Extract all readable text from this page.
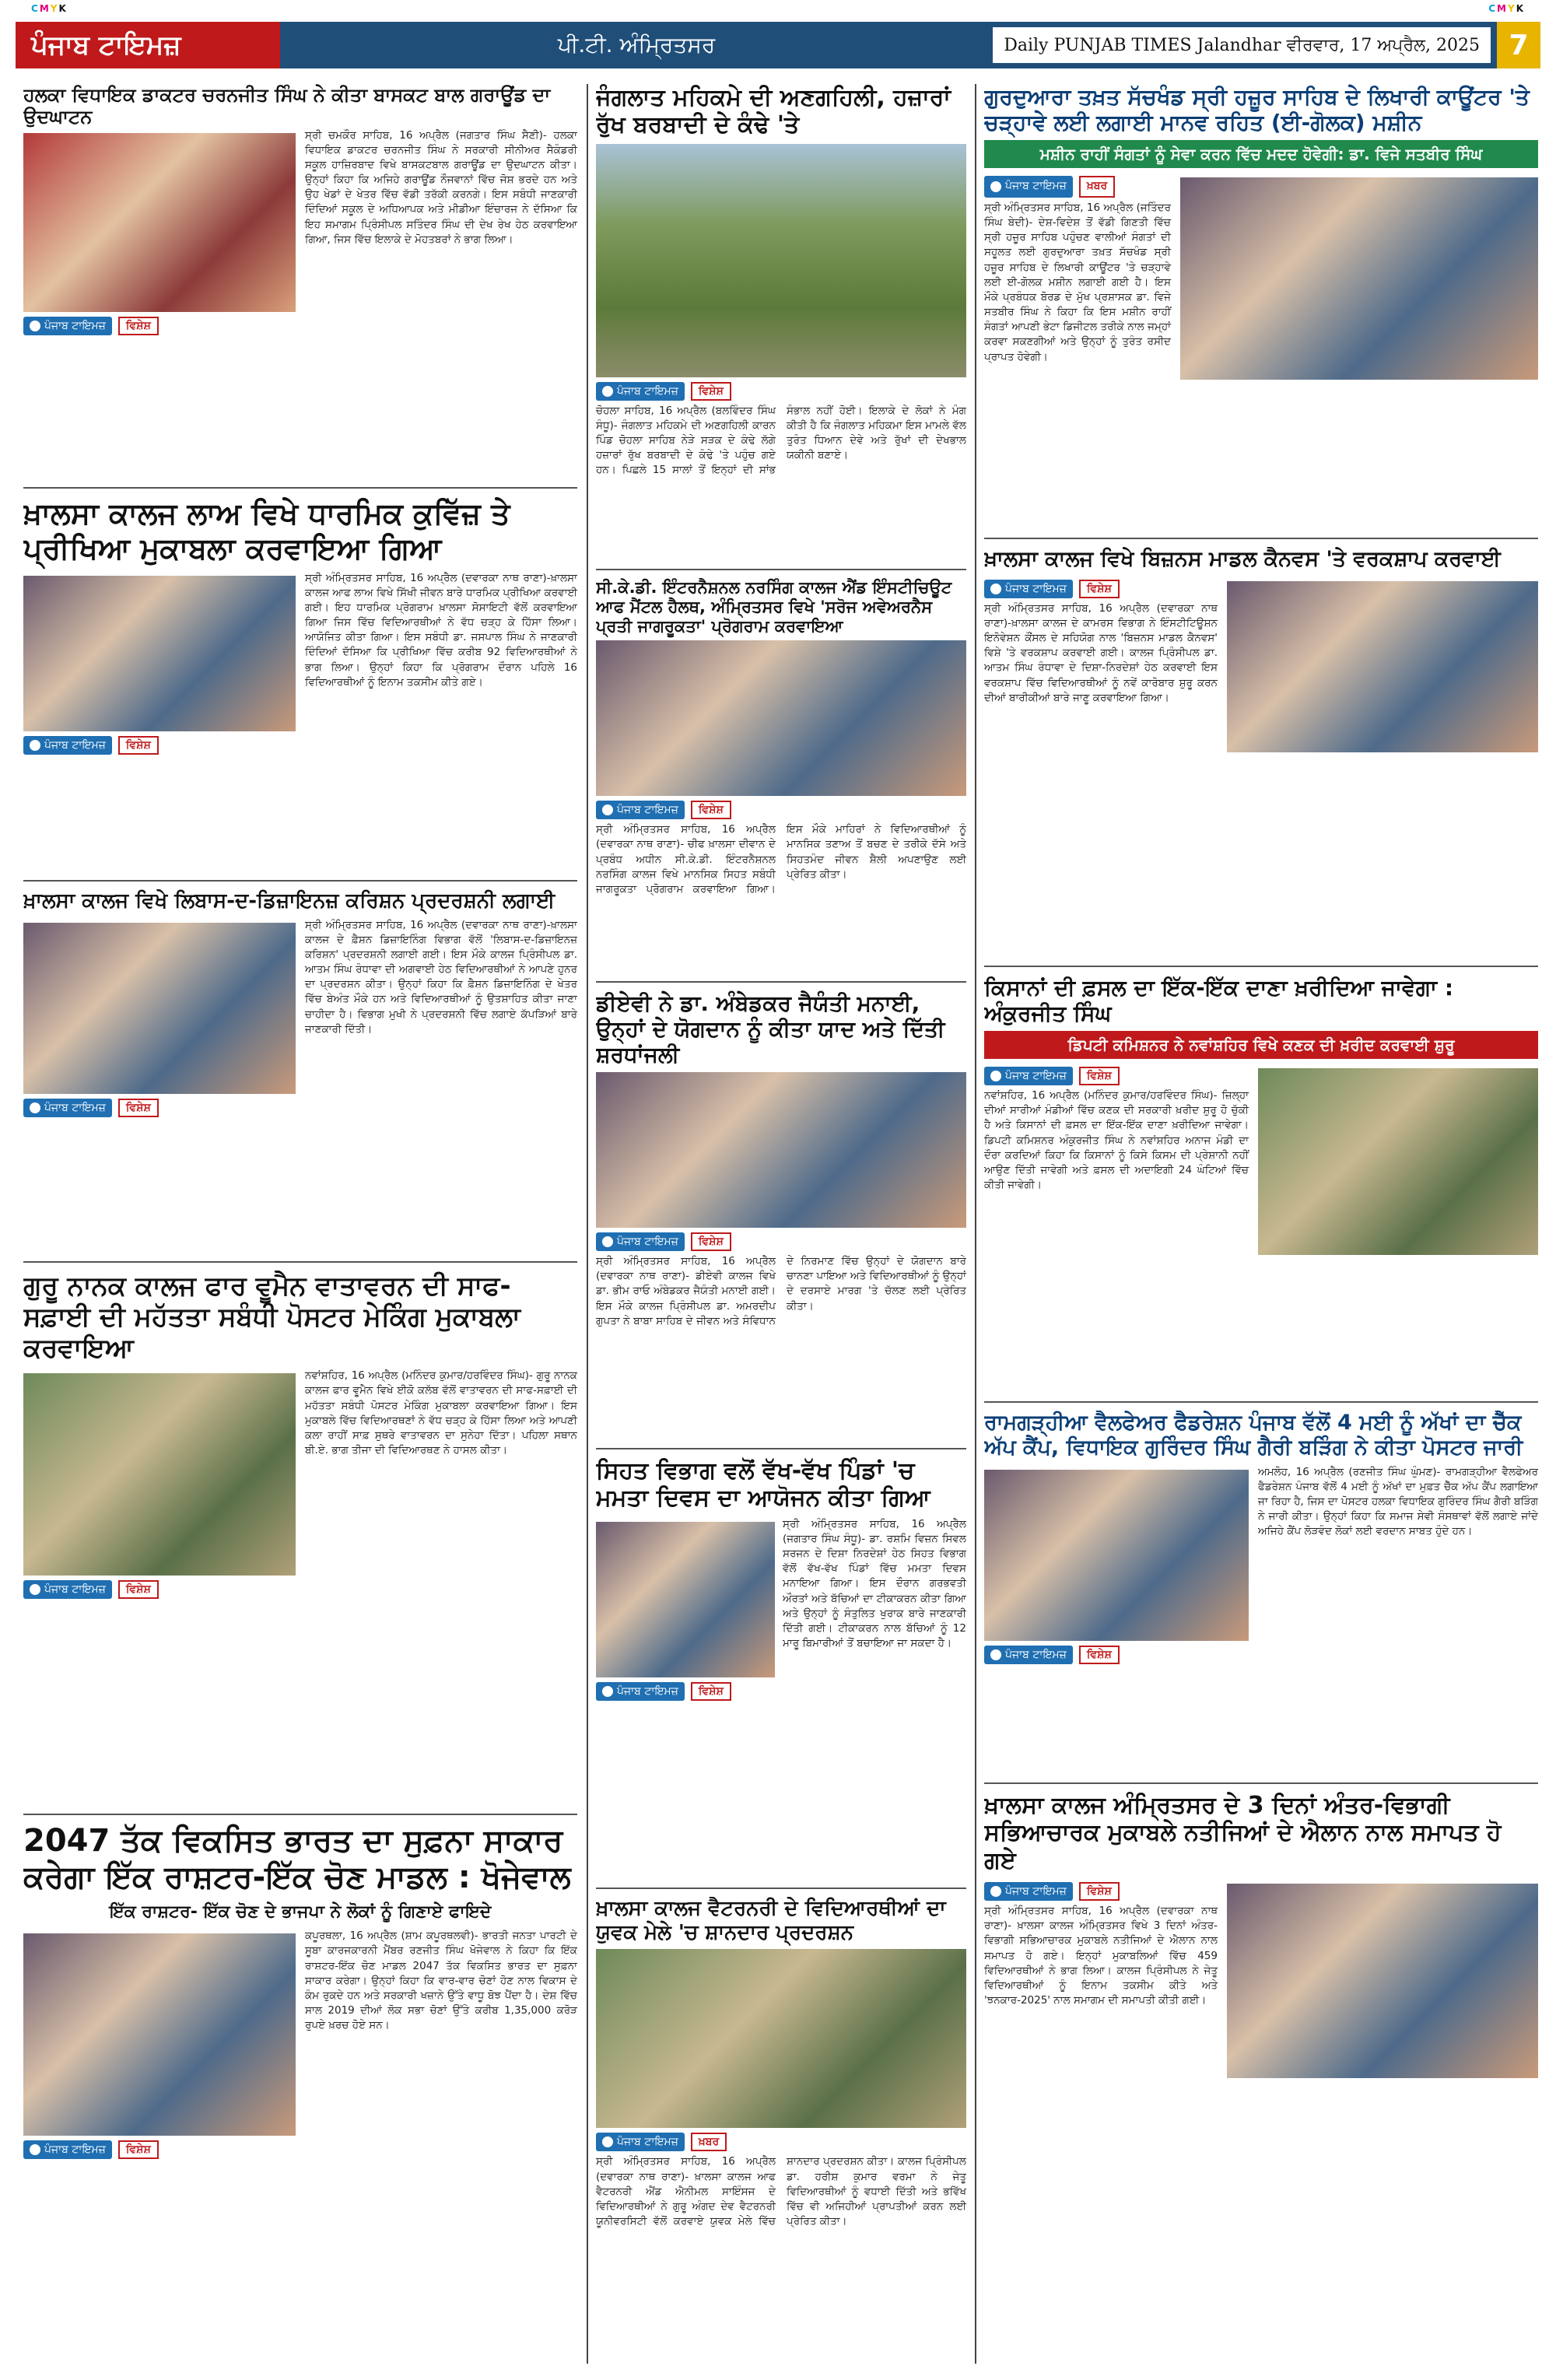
CMYK	CMYK
ਪੰਜਾਬ ਟਾਇਮਜ਼	ਪੀ.ਟੀ. ਅੰਮ੍ਰਿਤਸਰ	Daily PUNJAB TIMES Jalandhar ਵੀਰਵਾਰ, 17 ਅਪ੍ਰੈਲ, 2025	7
ਹਲਕਾ ਵਿਧਾਇਕ ਡਾਕਟਰ ਚਰਨਜੀਤ ਸਿੰਘ ਨੇ ਕੀਤਾ ਬਾਸਕਟ ਬਾਲ ਗਰਾਊਂਡ ਦਾ ਉਦਘਾਟਨ
ਪੰਜਾਬ ਟਾਇਮਜ਼	ਵਿਸ਼ੇਸ਼
ਸ੍ਰੀ ਚਮਕੌਰ ਸਾਹਿਬ, 16 ਅਪ੍ਰੈਲ (ਜਗਤਾਰ ਸਿੰਘ ਸੈਣੀ)- ਹਲਕਾ ਵਿਧਾਇਕ ਡਾਕਟਰ ਚਰਨਜੀਤ ਸਿੰਘ ਨੇ ਸਰਕਾਰੀ ਸੀਨੀਅਰ ਸੈਕੰਡਰੀ ਸਕੂਲ ਹਾਜ਼ਿਰਬਾਦ ਵਿਖੇ ਬਾਸਕਟਬਾਲ ਗਰਾਊਂਡ ਦਾ ਉਦਘਾਟਨ ਕੀਤਾ। ਉਨ੍ਹਾਂ ਕਿਹਾ ਕਿ ਅਜਿਹੇ ਗਰਾਊਂਡ ਨੌਜਵਾਨਾਂ ਵਿੱਚ ਜੋਸ਼ ਭਰਦੇ ਹਨ ਅਤੇ ਉਹ ਖੇਡਾਂ ਦੇ ਖੇਤਰ ਵਿੱਚ ਵੱਡੀ ਤਰੱਕੀ ਕਰਨਗੇ। ਇਸ ਸਬੰਧੀ ਜਾਣਕਾਰੀ ਦਿੰਦਿਆਂ ਸਕੂਲ ਦੇ ਅਧਿਆਪਕ ਅਤੇ ਮੀਡੀਆ ਇੰਚਾਰਜ ਨੇ ਦੱਸਿਆ ਕਿ ਇਹ ਸਮਾਗਮ ਪ੍ਰਿੰਸੀਪਲ ਸਤਿੰਦਰ ਸਿੰਘ ਦੀ ਦੇਖ ਰੇਖ ਹੇਠ ਕਰਵਾਇਆ ਗਿਆ, ਜਿਸ ਵਿੱਚ ਇਲਾਕੇ ਦੇ ਮੋਹਤਬਰਾਂ ਨੇ ਭਾਗ ਲਿਆ।
ਖ਼ਾਲਸਾ ਕਾਲਜ ਲਾਅ ਵਿਖੇ ਧਾਰਮਿਕ ਕੁਵਿੱਜ਼ ਤੇ ਪ੍ਰੀਖਿਆ ਮੁਕਾਬਲਾ ਕਰਵਾਇਆ ਗਿਆ
ਪੰਜਾਬ ਟਾਇਮਜ਼	ਵਿਸ਼ੇਸ਼
ਸ੍ਰੀ ਅੰਮ੍ਰਿਤਸਰ ਸਾਹਿਬ, 16 ਅਪ੍ਰੈਲ (ਦਵਾਰਕਾ ਨਾਥ ਰਾਣਾ)-ਖ਼ਾਲਸਾ ਕਾਲਜ ਆਫ ਲਾਅ ਵਿਖੇ ਸਿੱਖੀ ਜੀਵਨ ਬਾਰੇ ਧਾਰਮਿਕ ਪ੍ਰੀਖਿਆ ਕਰਵਾਈ ਗਈ। ਇਹ ਧਾਰਮਿਕ ਪ੍ਰੋਗਰਾਮ ਖ਼ਾਲਸਾ ਸੋਸਾਇਟੀ ਵੱਲੋਂ ਕਰਵਾਇਆ ਗਿਆ ਜਿਸ ਵਿੱਚ ਵਿਦਿਆਰਥੀਆਂ ਨੇ ਵੱਧ ਚੜ੍ਹ ਕੇ ਹਿੱਸਾ ਲਿਆ। ਆਯੋਜਿਤ ਕੀਤਾ ਗਿਆ। ਇਸ ਸਬੰਧੀ ਡਾ. ਜਸਪਾਲ ਸਿੰਘ ਨੇ ਜਾਣਕਾਰੀ ਦਿੰਦਿਆਂ ਦੱਸਿਆ ਕਿ ਪ੍ਰੀਖਿਆ ਵਿੱਚ ਕਰੀਬ 92 ਵਿਦਿਆਰਥੀਆਂ ਨੇ ਭਾਗ ਲਿਆ। ਉਨ੍ਹਾਂ ਕਿਹਾ ਕਿ ਪ੍ਰੋਗਰਾਮ ਦੌਰਾਨ ਪਹਿਲੇ 16 ਵਿਦਿਆਰਥੀਆਂ ਨੂੰ ਇਨਾਮ ਤਕਸੀਮ ਕੀਤੇ ਗਏ।
ਖ਼ਾਲਸਾ ਕਾਲਜ ਵਿਖੇ ਲਿਬਾਸ-ਦ-ਡਿਜ਼ਾਇਨਜ਼ ਕਰਿਸ਼ਨ ਪ੍ਰਦਰਸ਼ਨੀ ਲਗਾਈ
ਪੰਜਾਬ ਟਾਇਮਜ਼	ਵਿਸ਼ੇਸ਼
ਸ੍ਰੀ ਅੰਮ੍ਰਿਤਸਰ ਸਾਹਿਬ, 16 ਅਪ੍ਰੈਲ (ਦਵਾਰਕਾ ਨਾਥ ਰਾਣਾ)-ਖ਼ਾਲਸਾ ਕਾਲਜ ਦੇ ਫ਼ੈਸ਼ਨ ਡਿਜ਼ਾਇਨਿੰਗ ਵਿਭਾਗ ਵੱਲੋਂ 'ਲਿਬਾਸ-ਦ-ਡਿਜ਼ਾਇਨਜ਼ ਕਰਿਸ਼ਨ' ਪ੍ਰਦਰਸ਼ਨੀ ਲਗਾਈ ਗਈ। ਇਸ ਮੌਕੇ ਕਾਲਜ ਪ੍ਰਿੰਸੀਪਲ ਡਾ. ਆਤਮ ਸਿੰਘ ਰੰਧਾਵਾ ਦੀ ਅਗਵਾਈ ਹੇਠ ਵਿਦਿਆਰਥੀਆਂ ਨੇ ਆਪਣੇ ਹੁਨਰ ਦਾ ਪ੍ਰਦਰਸ਼ਨ ਕੀਤਾ। ਉਨ੍ਹਾਂ ਕਿਹਾ ਕਿ ਫ਼ੈਸ਼ਨ ਡਿਜ਼ਾਇਨਿੰਗ ਦੇ ਖੇਤਰ ਵਿੱਚ ਬੇਅੰਤ ਮੌਕੇ ਹਨ ਅਤੇ ਵਿਦਿਆਰਥੀਆਂ ਨੂੰ ਉਤਸ਼ਾਹਿਤ ਕੀਤਾ ਜਾਣਾ ਚਾਹੀਦਾ ਹੈ। ਵਿਭਾਗ ਮੁਖੀ ਨੇ ਪ੍ਰਦਰਸ਼ਨੀ ਵਿੱਚ ਲਗਾਏ ਕੱਪੜਿਆਂ ਬਾਰੇ ਜਾਣਕਾਰੀ ਦਿੱਤੀ।
ਗੁਰੂ ਨਾਨਕ ਕਾਲਜ ਫਾਰ ਵੂਮੈਨ ਵਾਤਾਵਰਨ ਦੀ ਸਾਫ-ਸਫ਼ਾਈ ਦੀ ਮਹੱਤਤਾ ਸਬੰਧੀ ਪੋਸਟਰ ਮੇਕਿੰਗ ਮੁਕਾਬਲਾ ਕਰਵਾਇਆ
ਪੰਜਾਬ ਟਾਇਮਜ਼	ਵਿਸ਼ੇਸ਼
ਨਵਾਂਸ਼ਹਿਰ, 16 ਅਪ੍ਰੈਲ (ਮਨਿੰਦਰ ਕੁਮਾਰ/ਹਰਵਿੰਦਰ ਸਿੰਘ)- ਗੁਰੂ ਨਾਨਕ ਕਾਲਜ ਫਾਰ ਵੂਮੈਨ ਵਿਖੇ ਈਕੋ ਕਲੱਬ ਵੱਲੋਂ ਵਾਤਾਵਰਨ ਦੀ ਸਾਫ-ਸਫ਼ਾਈ ਦੀ ਮਹੱਤਤਾ ਸਬੰਧੀ ਪੋਸਟਰ ਮੇਕਿੰਗ ਮੁਕਾਬਲਾ ਕਰਵਾਇਆ ਗਿਆ। ਇਸ ਮੁਕਾਬਲੇ ਵਿੱਚ ਵਿਦਿਆਰਥਣਾਂ ਨੇ ਵੱਧ ਚੜ੍ਹ ਕੇ ਹਿੱਸਾ ਲਿਆ ਅਤੇ ਆਪਣੀ ਕਲਾ ਰਾਹੀਂ ਸਾਫ਼ ਸੁਥਰੇ ਵਾਤਾਵਰਨ ਦਾ ਸੁਨੇਹਾ ਦਿੱਤਾ। ਪਹਿਲਾ ਸਥਾਨ ਬੀ.ਏ. ਭਾਗ ਤੀਜਾ ਦੀ ਵਿਦਿਆਰਥਣ ਨੇ ਹਾਸਲ ਕੀਤਾ।
2047 ਤੱਕ ਵਿਕਸਿਤ ਭਾਰਤ ਦਾ ਸੁਫ਼ਨਾ ਸਾਕਾਰ ਕਰੇਗਾ ਇੱਕ ਰਾਸ਼ਟਰ-ਇੱਕ ਚੋਣ ਮਾਡਲ : ਖੋਜੇਵਾਲ
ਇੱਕ ਰਾਸ਼ਟਰ- ਇੱਕ ਚੋਣ ਦੇ ਭਾਜਪਾ ਨੇ ਲੋਕਾਂ ਨੂੰ ਗਿਣਾਏ ਫਾਇਦੇ
ਪੰਜਾਬ ਟਾਇਮਜ਼	ਵਿਸ਼ੇਸ਼
ਕਪੂਰਥਲਾ, 16 ਅਪ੍ਰੈਲ (ਸ਼ਾਮ ਕਪੂਰਥਲਵੀ)- ਭਾਰਤੀ ਜਨਤਾ ਪਾਰਟੀ ਦੇ ਸੂਬਾ ਕਾਰਜਕਾਰਨੀ ਮੈਂਬਰ ਰਣਜੀਤ ਸਿੰਘ ਖੋਜੇਵਾਲ ਨੇ ਕਿਹਾ ਕਿ ਇੱਕ ਰਾਸ਼ਟਰ-ਇੱਕ ਚੋਣ ਮਾਡਲ 2047 ਤੱਕ ਵਿਕਸਿਤ ਭਾਰਤ ਦਾ ਸੁਫ਼ਨਾ ਸਾਕਾਰ ਕਰੇਗਾ। ਉਨ੍ਹਾਂ ਕਿਹਾ ਕਿ ਵਾਰ-ਵਾਰ ਚੋਣਾਂ ਹੋਣ ਨਾਲ ਵਿਕਾਸ ਦੇ ਕੰਮ ਰੁਕਦੇ ਹਨ ਅਤੇ ਸਰਕਾਰੀ ਖਜ਼ਾਨੇ ਉੱਤੇ ਵਾਧੂ ਬੋਝ ਪੈਂਦਾ ਹੈ। ਦੇਸ਼ ਵਿੱਚ ਸਾਲ 2019 ਦੀਆਂ ਲੋਕ ਸਭਾ ਚੋਣਾਂ ਉੱਤੇ ਕਰੀਬ 1,35,000 ਕਰੋੜ ਰੁਪਏ ਖ਼ਰਚ ਹੋਏ ਸਨ।
ਜੰਗਲਾਤ ਮਹਿਕਮੇ ਦੀ ਅਣਗਹਿਲੀ, ਹਜ਼ਾਰਾਂ ਰੁੱਖ ਬਰਬਾਦੀ ਦੇ ਕੰਢੇ 'ਤੇ
ਪੰਜਾਬ ਟਾਇਮਜ਼	ਵਿਸ਼ੇਸ਼
ਚੋਹਲਾ ਸਾਹਿਬ, 16 ਅਪ੍ਰੈਲ (ਬਲਵਿੰਦਰ ਸਿੰਘ ਸੰਧੂ)- ਜੰਗਲਾਤ ਮਹਿਕਮੇ ਦੀ ਅਣਗਹਿਲੀ ਕਾਰਨ ਪਿੰਡ ਚੋਹਲਾ ਸਾਹਿਬ ਨੇੜੇ ਸੜਕ ਦੇ ਕੰਢੇ ਲੱਗੇ ਹਜ਼ਾਰਾਂ ਰੁੱਖ ਬਰਬਾਦੀ ਦੇ ਕੰਢੇ 'ਤੇ ਪਹੁੰਚ ਗਏ ਹਨ। ਪਿਛਲੇ 15 ਸਾਲਾਂ ਤੋਂ ਇਨ੍ਹਾਂ ਦੀ ਸਾਂਭ ਸੰਭਾਲ ਨਹੀਂ ਹੋਈ। ਇਲਾਕੇ ਦੇ ਲੋਕਾਂ ਨੇ ਮੰਗ ਕੀਤੀ ਹੈ ਕਿ ਜੰਗਲਾਤ ਮਹਿਕਮਾ ਇਸ ਮਾਮਲੇ ਵੱਲ ਤੁਰੰਤ ਧਿਆਨ ਦੇਵੇ ਅਤੇ ਰੁੱਖਾਂ ਦੀ ਦੇਖਭਾਲ ਯਕੀਨੀ ਬਣਾਏ।
ਸੀ.ਕੇ.ਡੀ. ਇੰਟਰਨੈਸ਼ਨਲ ਨਰਸਿੰਗ ਕਾਲਜ ਐਂਡ ਇੰਸਟੀਚਿਊਟ ਆਫ ਮੈਂਟਲ ਹੈਲਥ, ਅੰਮ੍ਰਿਤਸਰ ਵਿਖੇ 'ਸਰੋਜ ਅਵੇਅਰਨੈਸ ਪ੍ਰਤੀ ਜਾਗਰੂਕਤਾ' ਪ੍ਰੋਗਰਾਮ ਕਰਵਾਇਆ
ਪੰਜਾਬ ਟਾਇਮਜ਼	ਵਿਸ਼ੇਸ਼
ਸ੍ਰੀ ਅੰਮ੍ਰਿਤਸਰ ਸਾਹਿਬ, 16 ਅਪ੍ਰੈਲ (ਦਵਾਰਕਾ ਨਾਥ ਰਾਣਾ)- ਚੀਫ ਖ਼ਾਲਸਾ ਦੀਵਾਨ ਦੇ ਪ੍ਰਬੰਧ ਅਧੀਨ ਸੀ.ਕੇ.ਡੀ. ਇੰਟਰਨੈਸ਼ਨਲ ਨਰਸਿੰਗ ਕਾਲਜ ਵਿਖੇ ਮਾਨਸਿਕ ਸਿਹਤ ਸਬੰਧੀ ਜਾਗਰੂਕਤਾ ਪ੍ਰੋਗਰਾਮ ਕਰਵਾਇਆ ਗਿਆ। ਇਸ ਮੌਕੇ ਮਾਹਿਰਾਂ ਨੇ ਵਿਦਿਆਰਥੀਆਂ ਨੂੰ ਮਾਨਸਿਕ ਤਣਾਅ ਤੋਂ ਬਚਣ ਦੇ ਤਰੀਕੇ ਦੱਸੇ ਅਤੇ ਸਿਹਤਮੰਦ ਜੀਵਨ ਸ਼ੈਲੀ ਅਪਣਾਉਣ ਲਈ ਪ੍ਰੇਰਿਤ ਕੀਤਾ।
ਡੀਏਵੀ ਨੇ ਡਾ. ਅੰਬੇਡਕਰ ਜੈਯੰਤੀ ਮਨਾਈ, ਉਨ੍ਹਾਂ ਦੇ ਯੋਗਦਾਨ ਨੂੰ ਕੀਤਾ ਯਾਦ ਅਤੇ ਦਿੱਤੀ ਸ਼ਰਧਾਂਜਲੀ
ਪੰਜਾਬ ਟਾਇਮਜ਼	ਵਿਸ਼ੇਸ਼
ਸ੍ਰੀ ਅੰਮ੍ਰਿਤਸਰ ਸਾਹਿਬ, 16 ਅਪ੍ਰੈਲ (ਦਵਾਰਕਾ ਨਾਥ ਰਾਣਾ)- ਡੀਏਵੀ ਕਾਲਜ ਵਿਖੇ ਡਾ. ਭੀਮ ਰਾਓ ਅੰਬੇਡਕਰ ਜੈਯੰਤੀ ਮਨਾਈ ਗਈ। ਇਸ ਮੌਕੇ ਕਾਲਜ ਪ੍ਰਿੰਸੀਪਲ ਡਾ. ਅਮਰਦੀਪ ਗੁਪਤਾ ਨੇ ਬਾਬਾ ਸਾਹਿਬ ਦੇ ਜੀਵਨ ਅਤੇ ਸੰਵਿਧਾਨ ਦੇ ਨਿਰਮਾਣ ਵਿੱਚ ਉਨ੍ਹਾਂ ਦੇ ਯੋਗਦਾਨ ਬਾਰੇ ਚਾਨਣਾ ਪਾਇਆ ਅਤੇ ਵਿਦਿਆਰਥੀਆਂ ਨੂੰ ਉਨ੍ਹਾਂ ਦੇ ਦਰਸਾਏ ਮਾਰਗ 'ਤੇ ਚੱਲਣ ਲਈ ਪ੍ਰੇਰਿਤ ਕੀਤਾ।
ਸਿਹਤ ਵਿਭਾਗ ਵਲੋਂ ਵੱਖ-ਵੱਖ ਪਿੰਡਾਂ 'ਚ ਮਮਤਾ ਦਿਵਸ ਦਾ ਆਯੋਜਨ ਕੀਤਾ ਗਿਆ
ਪੰਜਾਬ ਟਾਇਮਜ਼	ਵਿਸ਼ੇਸ਼
ਸ੍ਰੀ ਅੰਮ੍ਰਿਤਸਰ ਸਾਹਿਬ, 16 ਅਪ੍ਰੈਲ (ਜਗਤਾਰ ਸਿੰਘ ਸੰਧੂ)- ਡਾ. ਰਸ਼ਮਿ ਵਿਜ਼ਨ ਸਿਵਲ ਸਰਜਨ ਦੇ ਦਿਸ਼ਾ ਨਿਰਦੇਸ਼ਾਂ ਹੇਠ ਸਿਹਤ ਵਿਭਾਗ ਵੱਲੋਂ ਵੱਖ-ਵੱਖ ਪਿੰਡਾਂ ਵਿੱਚ ਮਮਤਾ ਦਿਵਸ ਮਨਾਇਆ ਗਿਆ। ਇਸ ਦੌਰਾਨ ਗਰਭਵਤੀ ਔਰਤਾਂ ਅਤੇ ਬੱਚਿਆਂ ਦਾ ਟੀਕਾਕਰਨ ਕੀਤਾ ਗਿਆ ਅਤੇ ਉਨ੍ਹਾਂ ਨੂੰ ਸੰਤੁਲਿਤ ਖੁਰਾਕ ਬਾਰੇ ਜਾਣਕਾਰੀ ਦਿੱਤੀ ਗਈ। ਟੀਕਾਕਰਨ ਨਾਲ ਬੱਚਿਆਂ ਨੂੰ 12 ਮਾਰੂ ਬਿਮਾਰੀਆਂ ਤੋਂ ਬਚਾਇਆ ਜਾ ਸਕਦਾ ਹੈ।
ਖ਼ਾਲਸਾ ਕਾਲਜ ਵੈਟਰਨਰੀ ਦੇ ਵਿਦਿਆਰਥੀਆਂ ਦਾ ਯੁਵਕ ਮੇਲੇ 'ਚ ਸ਼ਾਨਦਾਰ ਪ੍ਰਦਰਸ਼ਨ
ਪੰਜਾਬ ਟਾਇਮਜ਼	ਖ਼ਬਰ
ਸ੍ਰੀ ਅੰਮ੍ਰਿਤਸਰ ਸਾਹਿਬ, 16 ਅਪ੍ਰੈਲ (ਦਵਾਰਕਾ ਨਾਥ ਰਾਣਾ)- ਖ਼ਾਲਸਾ ਕਾਲਜ ਆਫ ਵੈਟਰਨਰੀ ਐਂਡ ਐਨੀਮਲ ਸਾਇੰਸਜ ਦੇ ਵਿਦਿਆਰਥੀਆਂ ਨੇ ਗੁਰੂ ਅੰਗਦ ਦੇਵ ਵੈਟਰਨਰੀ ਯੂਨੀਵਰਸਿਟੀ ਵੱਲੋਂ ਕਰਵਾਏ ਯੁਵਕ ਮੇਲੇ ਵਿੱਚ ਸ਼ਾਨਦਾਰ ਪ੍ਰਦਰਸ਼ਨ ਕੀਤਾ। ਕਾਲਜ ਪ੍ਰਿੰਸੀਪਲ ਡਾ. ਹਰੀਸ਼ ਕੁਮਾਰ ਵਰਮਾ ਨੇ ਜੇਤੂ ਵਿਦਿਆਰਥੀਆਂ ਨੂੰ ਵਧਾਈ ਦਿੱਤੀ ਅਤੇ ਭਵਿੱਖ ਵਿੱਚ ਵੀ ਅਜਿਹੀਆਂ ਪ੍ਰਾਪਤੀਆਂ ਕਰਨ ਲਈ ਪ੍ਰੇਰਿਤ ਕੀਤਾ।
ਗੁਰਦੁਆਰਾ ਤਖ਼ਤ ਸੱਚਖੰਡ ਸ੍ਰੀ ਹਜ਼ੂਰ ਸਾਹਿਬ ਦੇ ਲਿਖਾਰੀ ਕਾਊਂਟਰ 'ਤੇ ਚੜ੍ਹਾਵੇ ਲਈ ਲਗਾਈ ਮਾਨਵ ਰਹਿਤ (ਈ-ਗੋਲਕ) ਮਸ਼ੀਨ
ਮਸ਼ੀਨ ਰਾਹੀਂ ਸੰਗਤਾਂ ਨੂੰ ਸੇਵਾ ਕਰਨ ਵਿੱਚ ਮਦਦ ਹੋਵੇਗੀ: ਡਾ. ਵਿਜੇ ਸਤਬੀਰ ਸਿੰਘ
ਪੰਜਾਬ ਟਾਇਮਜ਼	ਖ਼ਬਰ
ਸ੍ਰੀ ਅੰਮ੍ਰਿਤਸਰ ਸਾਹਿਬ, 16 ਅਪ੍ਰੈਲ (ਜਤਿੰਦਰ ਸਿੰਘ ਬੇਦੀ)- ਦੇਸ਼-ਵਿਦੇਸ਼ ਤੋਂ ਵੱਡੀ ਗਿਣਤੀ ਵਿੱਚ ਸ੍ਰੀ ਹਜ਼ੂਰ ਸਾਹਿਬ ਪਹੁੰਚਣ ਵਾਲੀਆਂ ਸੰਗਤਾਂ ਦੀ ਸਹੂਲਤ ਲਈ ਗੁਰਦੁਆਰਾ ਤਖ਼ਤ ਸੱਚਖੰਡ ਸ੍ਰੀ ਹਜ਼ੂਰ ਸਾਹਿਬ ਦੇ ਲਿਖਾਰੀ ਕਾਊਂਟਰ 'ਤੇ ਚੜ੍ਹਾਵੇ ਲਈ ਈ-ਗੋਲਕ ਮਸ਼ੀਨ ਲਗਾਈ ਗਈ ਹੈ। ਇਸ ਮੌਕੇ ਪ੍ਰਬੰਧਕ ਬੋਰਡ ਦੇ ਮੁੱਖ ਪ੍ਰਸ਼ਾਸਕ ਡਾ. ਵਿਜੇ ਸਤਬੀਰ ਸਿੰਘ ਨੇ ਕਿਹਾ ਕਿ ਇਸ ਮਸ਼ੀਨ ਰਾਹੀਂ ਸੰਗਤਾਂ ਆਪਣੀ ਭੇਟਾ ਡਿਜੀਟਲ ਤਰੀਕੇ ਨਾਲ ਜਮ੍ਹਾਂ ਕਰਵਾ ਸਕਣਗੀਆਂ ਅਤੇ ਉਨ੍ਹਾਂ ਨੂੰ ਤੁਰੰਤ ਰਸੀਦ ਪ੍ਰਾਪਤ ਹੋਵੇਗੀ।
ਖ਼ਾਲਸਾ ਕਾਲਜ ਵਿਖੇ ਬਿਜ਼ਨਸ ਮਾਡਲ ਕੈਨਵਸ 'ਤੇ ਵਰਕਸ਼ਾਪ ਕਰਵਾਈ
ਪੰਜਾਬ ਟਾਇਮਜ਼	ਵਿਸ਼ੇਸ਼
ਸ੍ਰੀ ਅੰਮ੍ਰਿਤਸਰ ਸਾਹਿਬ, 16 ਅਪ੍ਰੈਲ (ਦਵਾਰਕਾ ਨਾਥ ਰਾਣਾ)-ਖ਼ਾਲਸਾ ਕਾਲਜ ਦੇ ਕਾਮਰਸ ਵਿਭਾਗ ਨੇ ਇੰਸਟੀਟਿਊਸ਼ਨ ਇਨੋਵੇਸ਼ਨ ਕੌਂਸਲ ਦੇ ਸਹਿਯੋਗ ਨਾਲ 'ਬਿਜ਼ਨਸ ਮਾਡਲ ਕੈਨਵਸ' ਵਿਸ਼ੇ 'ਤੇ ਵਰਕਸ਼ਾਪ ਕਰਵਾਈ ਗਈ। ਕਾਲਜ ਪ੍ਰਿੰਸੀਪਲ ਡਾ. ਆਤਮ ਸਿੰਘ ਰੰਧਾਵਾ ਦੇ ਦਿਸ਼ਾ-ਨਿਰਦੇਸ਼ਾਂ ਹੇਠ ਕਰਵਾਈ ਇਸ ਵਰਕਸ਼ਾਪ ਵਿੱਚ ਵਿਦਿਆਰਥੀਆਂ ਨੂੰ ਨਵੇਂ ਕਾਰੋਬਾਰ ਸ਼ੁਰੂ ਕਰਨ ਦੀਆਂ ਬਾਰੀਕੀਆਂ ਬਾਰੇ ਜਾਣੂ ਕਰਵਾਇਆ ਗਿਆ।
ਕਿਸਾਨਾਂ ਦੀ ਫ਼ਸਲ ਦਾ ਇੱਕ-ਇੱਕ ਦਾਣਾ ਖ਼ਰੀਦਿਆ ਜਾਵੇਗਾ : ਅੰਕੁਰਜੀਤ ਸਿੰਘ
ਡਿਪਟੀ ਕਮਿਸ਼ਨਰ ਨੇ ਨਵਾਂਸ਼ਹਿਰ ਵਿਖੇ ਕਣਕ ਦੀ ਖ਼ਰੀਦ ਕਰਵਾਈ ਸ਼ੁਰੂ
ਪੰਜਾਬ ਟਾਇਮਜ਼	ਵਿਸ਼ੇਸ਼
ਨਵਾਂਸ਼ਹਿਰ, 16 ਅਪ੍ਰੈਲ (ਮਨਿੰਦਰ ਕੁਮਾਰ/ਹਰਵਿੰਦਰ ਸਿੰਘ)- ਜ਼ਿਲ੍ਹਾ ਦੀਆਂ ਸਾਰੀਆਂ ਮੰਡੀਆਂ ਵਿੱਚ ਕਣਕ ਦੀ ਸਰਕਾਰੀ ਖ਼ਰੀਦ ਸ਼ੁਰੂ ਹੋ ਚੁੱਕੀ ਹੈ ਅਤੇ ਕਿਸਾਨਾਂ ਦੀ ਫ਼ਸਲ ਦਾ ਇੱਕ-ਇੱਕ ਦਾਣਾ ਖ਼ਰੀਦਿਆ ਜਾਵੇਗਾ। ਡਿਪਟੀ ਕਮਿਸ਼ਨਰ ਅੰਕੁਰਜੀਤ ਸਿੰਘ ਨੇ ਨਵਾਂਸ਼ਹਿਰ ਅਨਾਜ ਮੰਡੀ ਦਾ ਦੌਰਾ ਕਰਦਿਆਂ ਕਿਹਾ ਕਿ ਕਿਸਾਨਾਂ ਨੂੰ ਕਿਸੇ ਕਿਸਮ ਦੀ ਪ੍ਰੇਸ਼ਾਨੀ ਨਹੀਂ ਆਉਣ ਦਿੱਤੀ ਜਾਵੇਗੀ ਅਤੇ ਫ਼ਸਲ ਦੀ ਅਦਾਇਗੀ 24 ਘੰਟਿਆਂ ਵਿੱਚ ਕੀਤੀ ਜਾਵੇਗੀ।
ਰਾਮਗੜ੍ਹੀਆ ਵੈਲਫੇਅਰ ਫੈਡਰੇਸ਼ਨ ਪੰਜਾਬ ਵੱਲੋਂ 4 ਮਈ ਨੂੰ ਅੱਖਾਂ ਦਾ ਚੈੱਕ ਅੱਪ ਕੈਂਪ, ਵਿਧਾਇਕ ਗੁਰਿੰਦਰ ਸਿੰਘ ਗੈਰੀ ਬੜਿੰਗ ਨੇ ਕੀਤਾ ਪੋਸਟਰ ਜਾਰੀ
ਪੰਜਾਬ ਟਾਇਮਜ਼	ਵਿਸ਼ੇਸ਼
ਅਮਲੋਹ, 16 ਅਪ੍ਰੈਲ (ਰਣਜੀਤ ਸਿੰਘ ਘੁੰਮਣ)- ਰਾਮਗੜ੍ਹੀਆ ਵੈਲਫੇਅਰ ਫੈਡਰੇਸ਼ਨ ਪੰਜਾਬ ਵੱਲੋਂ 4 ਮਈ ਨੂੰ ਅੱਖਾਂ ਦਾ ਮੁਫ਼ਤ ਚੈੱਕ ਅੱਪ ਕੈਂਪ ਲਗਾਇਆ ਜਾ ਰਿਹਾ ਹੈ, ਜਿਸ ਦਾ ਪੋਸਟਰ ਹਲਕਾ ਵਿਧਾਇਕ ਗੁਰਿੰਦਰ ਸਿੰਘ ਗੈਰੀ ਬੜਿੰਗ ਨੇ ਜਾਰੀ ਕੀਤਾ। ਉਨ੍ਹਾਂ ਕਿਹਾ ਕਿ ਸਮਾਜ ਸੇਵੀ ਸੰਸਥਾਵਾਂ ਵੱਲੋਂ ਲਗਾਏ ਜਾਂਦੇ ਅਜਿਹੇ ਕੈਂਪ ਲੋੜਵੰਦ ਲੋਕਾਂ ਲਈ ਵਰਦਾਨ ਸਾਬਤ ਹੁੰਦੇ ਹਨ।
ਖ਼ਾਲਸਾ ਕਾਲਜ ਅੰਮ੍ਰਿਤਸਰ ਦੇ 3 ਦਿਨਾਂ ਅੰਤਰ-ਵਿਭਾਗੀ ਸਭਿਆਚਾਰਕ ਮੁਕਾਬਲੇ ਨਤੀਜਿਆਂ ਦੇ ਐਲਾਨ ਨਾਲ ਸਮਾਪਤ ਹੋ ਗਏ
ਪੰਜਾਬ ਟਾਇਮਜ਼	ਵਿਸ਼ੇਸ਼
ਸ੍ਰੀ ਅੰਮ੍ਰਿਤਸਰ ਸਾਹਿਬ, 16 ਅਪ੍ਰੈਲ (ਦਵਾਰਕਾ ਨਾਥ ਰਾਣਾ)- ਖ਼ਾਲਸਾ ਕਾਲਜ ਅੰਮ੍ਰਿਤਸਰ ਵਿਖੇ 3 ਦਿਨਾਂ ਅੰਤਰ-ਵਿਭਾਗੀ ਸਭਿਆਚਾਰਕ ਮੁਕਾਬਲੇ ਨਤੀਜਿਆਂ ਦੇ ਐਲਾਨ ਨਾਲ ਸਮਾਪਤ ਹੋ ਗਏ। ਇਨ੍ਹਾਂ ਮੁਕਾਬਲਿਆਂ ਵਿੱਚ 459 ਵਿਦਿਆਰਥੀਆਂ ਨੇ ਭਾਗ ਲਿਆ। ਕਾਲਜ ਪ੍ਰਿੰਸੀਪਲ ਨੇ ਜੇਤੂ ਵਿਦਿਆਰਥੀਆਂ ਨੂੰ ਇਨਾਮ ਤਕਸੀਮ ਕੀਤੇ ਅਤੇ 'ਝਨਕਾਰ-2025' ਨਾਲ ਸਮਾਗਮ ਦੀ ਸਮਾਪਤੀ ਕੀਤੀ ਗਈ।
